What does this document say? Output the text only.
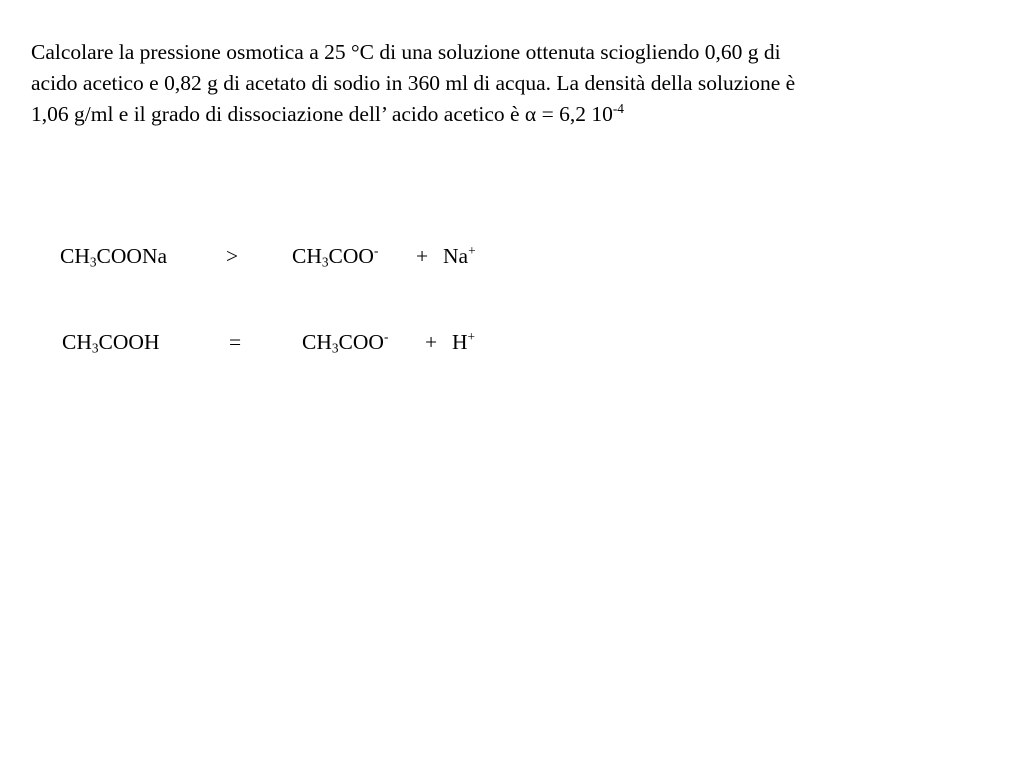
Calcolare la pressione osmotica a 25 °C di una soluzione ottenuta sciogliendo 0,60 g di

acido acetico e 0,82 g di acetato di sodio in 360 ml di acqua. La densità della soluzione è

1,06 g/ml e il grado di dissociazione dell’ acido acetico è α = 6,2 $10^{-4}$

$CH_3COONa$	>	$CH_3COO^- + Na^+$
$CH_3COOH$	=	$CH_3COO^- + H^+$
